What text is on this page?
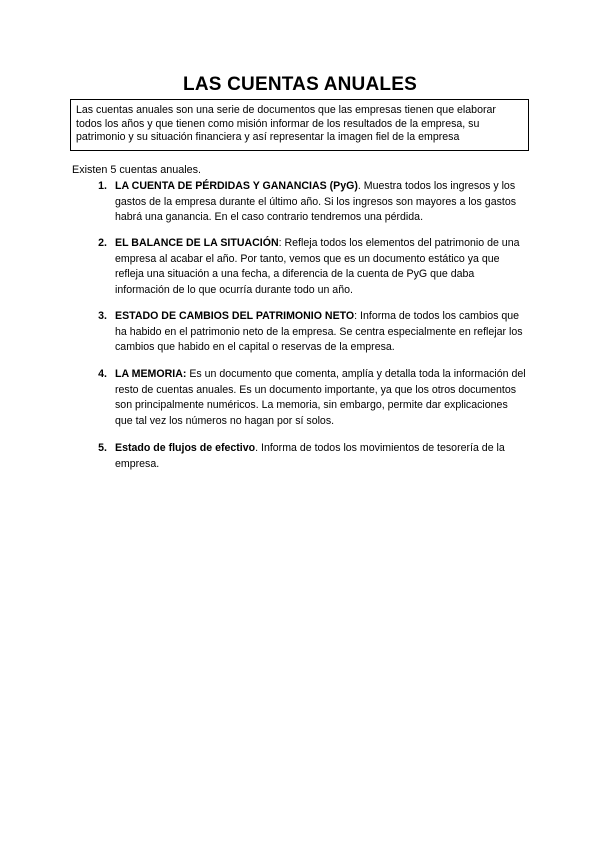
LAS CUENTAS ANUALES
Las cuentas anuales son una serie de documentos que las empresas tienen que elaborar todos los años y que tienen como misión informar de los resultados de la empresa, su patrimonio y su situación financiera y así representar la imagen fiel de la empresa
Existen 5 cuentas anuales.
1. LA CUENTA DE PÉRDIDAS Y GANANCIAS (PyG). Muestra todos los ingresos y los gastos de la empresa durante el último año. Si los ingresos son mayores a los gastos habrá una ganancia. En el caso contrario tendremos una pérdida.
2. EL BALANCE DE LA SITUACIÓN: Refleja todos los elementos del patrimonio de una empresa al acabar el año. Por tanto, vemos que es un documento estático ya que refleja una situación a una fecha, a diferencia de la cuenta de PyG que daba información de lo que ocurría durante todo un año.
3. ESTADO DE CAMBIOS DEL PATRIMONIO NETO: Informa de todos los cambios que ha habido en el patrimonio neto de la empresa. Se centra especialmente en reflejar los cambios que habido en el capital o reservas de la empresa.
4. LA MEMORIA: Es un documento que comenta, amplía y detalla toda la información del resto de cuentas anuales. Es un documento importante, ya que los otros documentos son principalmente numéricos. La memoria, sin embargo, permite dar explicaciones que tal vez los números no hagan por sí solos.
5. Estado de flujos de efectivo. Informa de todos los movimientos de tesorería de la empresa.
